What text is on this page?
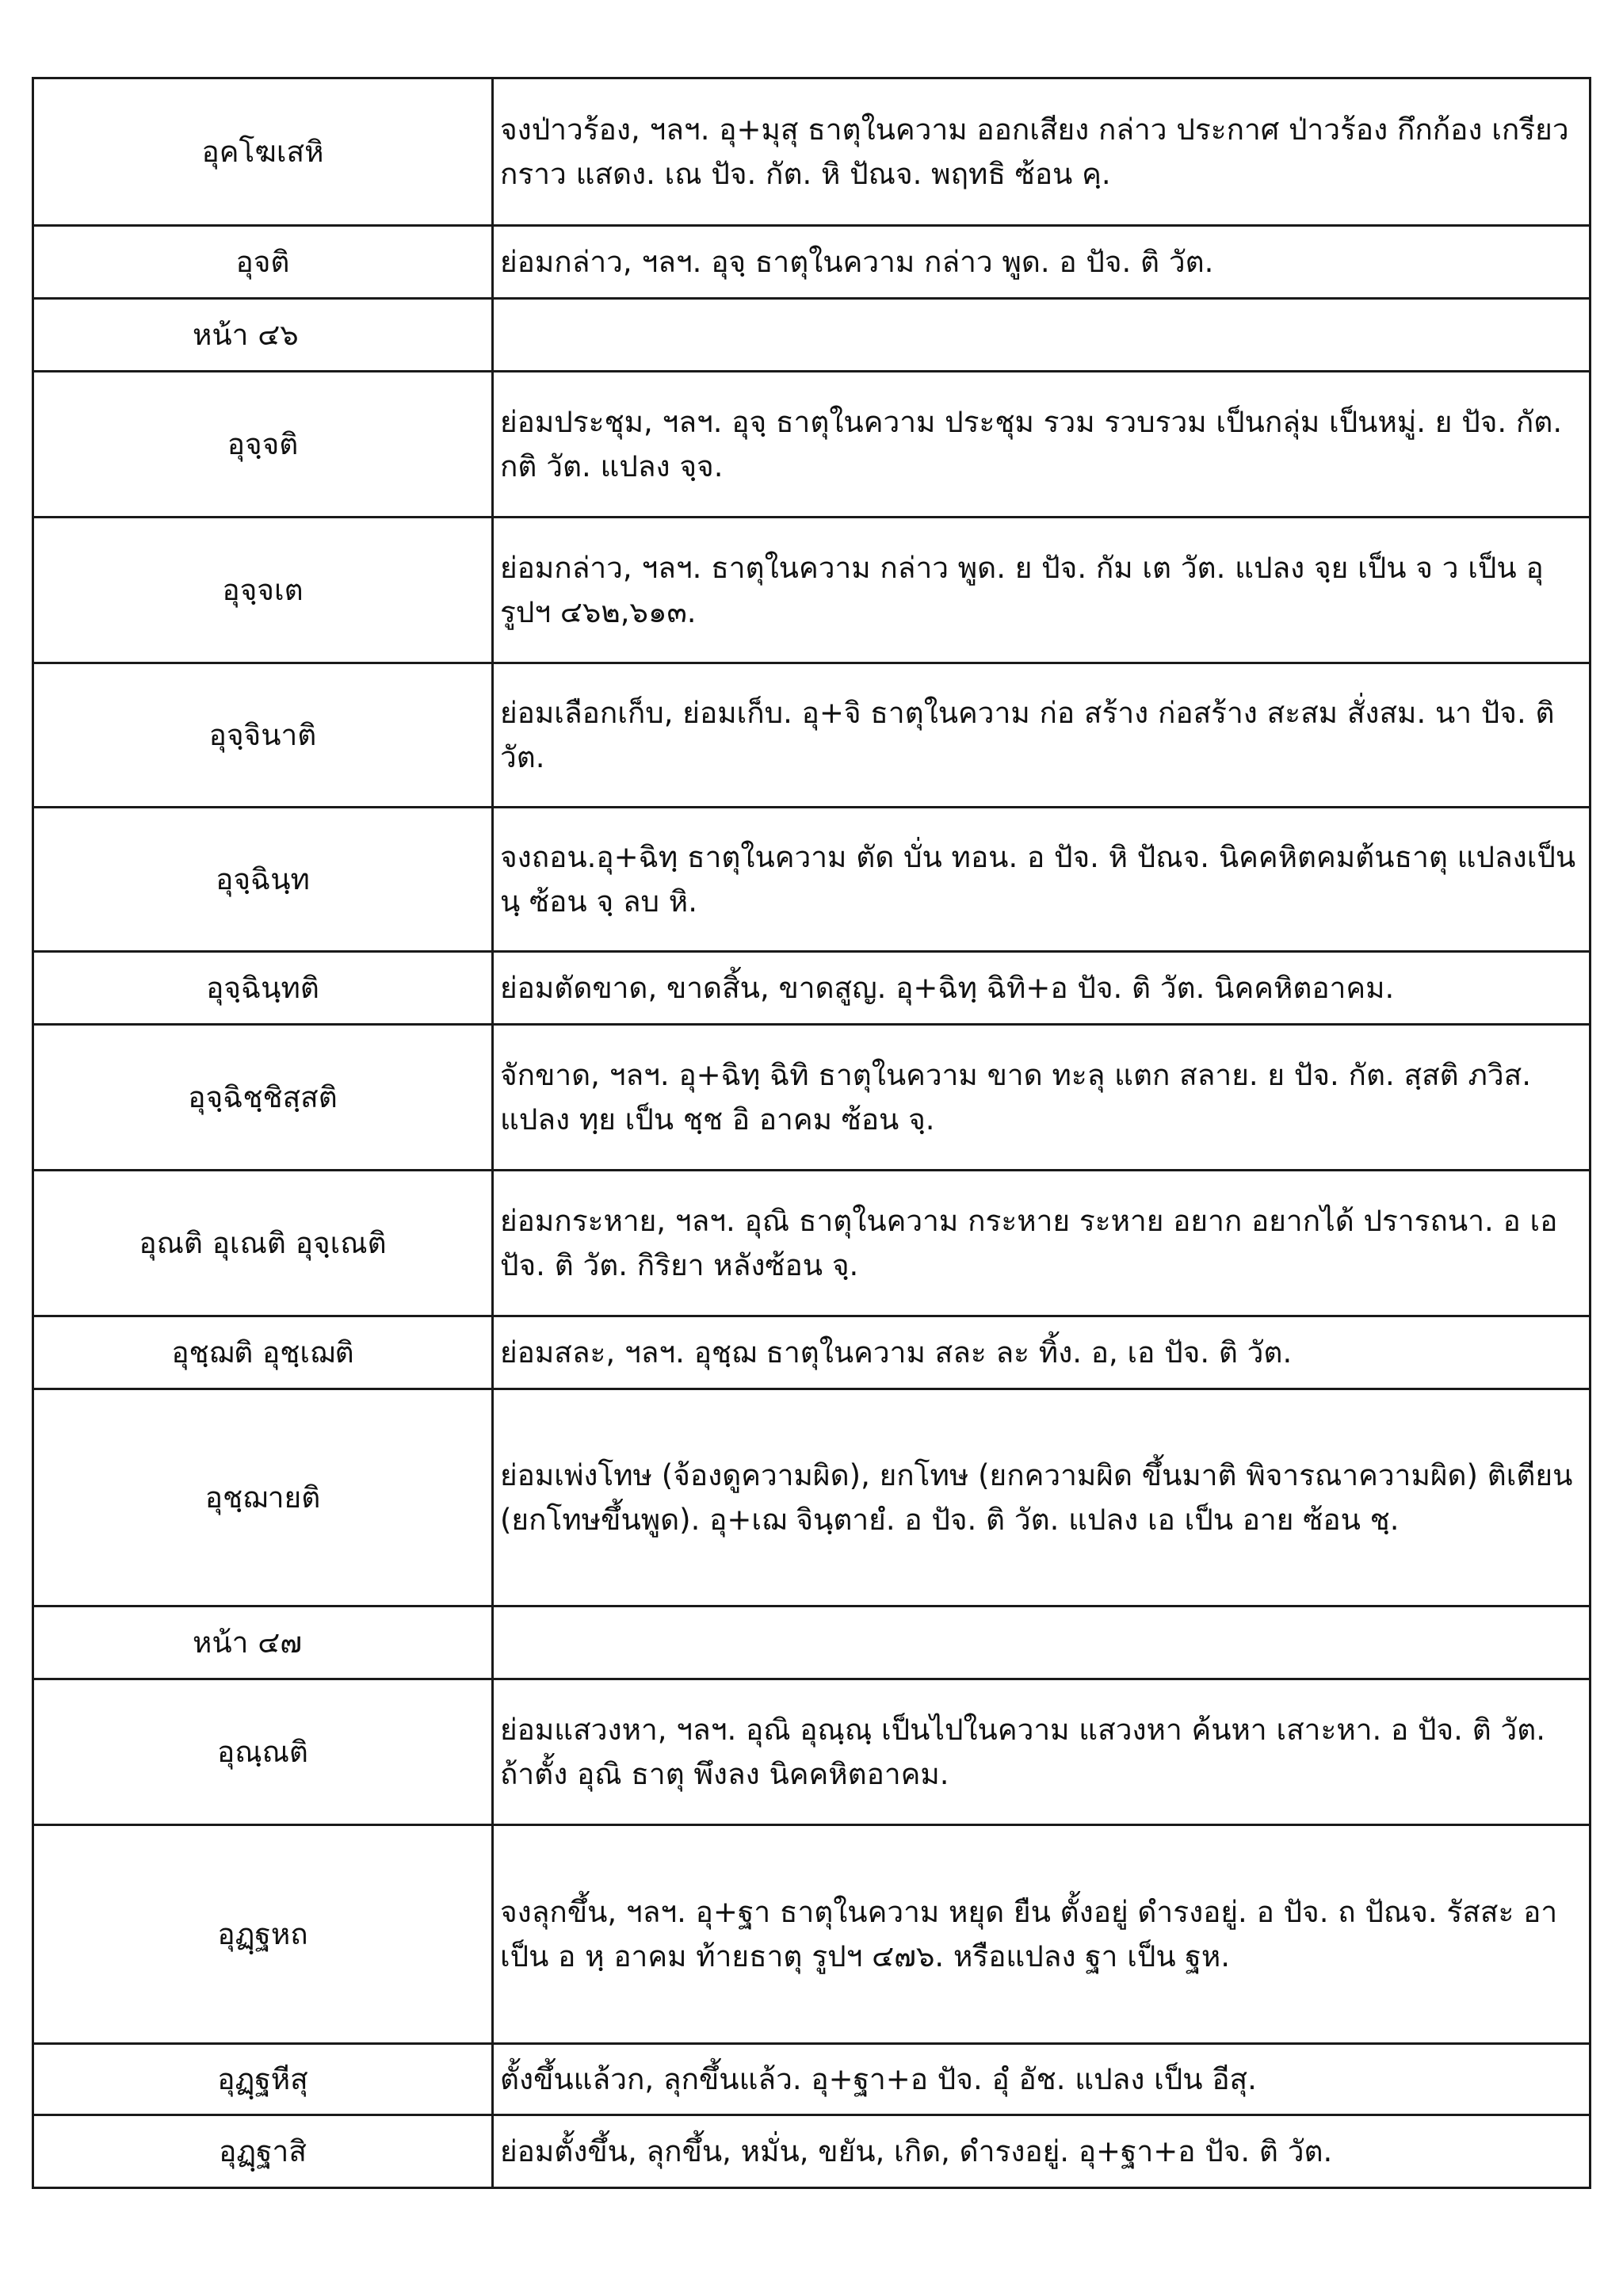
อุคโฆเสหิ	จงป่าวร้อง, ฯลฯ. อุ+มุสุ ธาตุในความ ออกเสียง กล่าว ประกาศ ป่าวร้อง กึกก้อง เกรียวกราว แสดง. เณ ปัจ. กัต. หิ ปัณจ. พฤทธิ ซ้อน คฺ.
อุจติ	ย่อมกล่าว, ฯลฯ. อุจฺ ธาตุในความ กล่าว พูด. อ ปัจ. ติ วัต.
หน้า ๔๖	
อุจฺจติ	ย่อมประชุม, ฯลฯ. อุจฺ ธาตุในความ ประชุม รวม รวบรวม เป็นกลุ่ม เป็นหมู่. ย ปัจ. กัต. กติ วัต. แปลง จฺจ.
อุจฺจเต	ย่อมกล่าว, ฯลฯ. ธาตุในความ กล่าว พูด. ย ปัจ. กัม เต วัต. แปลง จฺย เป็น จ ว เป็น อุ รูปฯ ๔๖๒,๖๑๓.
อุจฺจินาติ	ย่อมเลือกเก็บ, ย่อมเก็บ. อุ+จิ ธาตุในความ ก่อ สร้าง ก่อสร้าง สะสม สั่งสม. นา ปัจ. ติ วัต.
อุจฺฉินฺท	จงถอน.อุ+ฉิทฺ ธาตุในความ ตัด บั่น ทอน. อ ปัจ. หิ ปัณจ. นิคคหิตคมต้นธาตุ แปลงเป็น นฺ ซ้อน จฺ ลบ หิ.
อุจฺฉินฺทติ	ย่อมตัดขาด, ขาดสิ้น, ขาดสูญ. อุ+ฉิทฺ ฉิทิ+อ ปัจ. ติ วัต. นิคคหิตอาคม.
อุจฺฉิชฺชิสฺสติ	จักขาด, ฯลฯ. อุ+ฉิทฺ ฉิทิ ธาตุในความ ขาด ทะลุ แตก สลาย. ย ปัจ. กัต. สฺสติ ภวิส. แปลง ทฺย เป็น ชฺช อิ อาคม ซ้อน จฺ.
อุณติ อุเณติ อุจฺเณติ	ย่อมกระหาย, ฯลฯ. อุณิ ธาตุในความ กระหาย ระหาย อยาก อยากได้ ปรารถนา. อ เอ ปัจ. ติ วัต. กิริยา หลังซ้อน จฺ.
อุชฺฌติ อุชฺเฌติ	ย่อมสละ, ฯลฯ. อุชฺฌ ธาตุในความ สละ ละ ทิ้ง. อ, เอ ปัจ. ติ วัต.
อุชฺฌายติ	ย่อมเพ่งโทษ (จ้องดูความผิด), ยกโทษ (ยกความผิด ขึ้นมาติ พิจารณาความผิด) ติเตียน (ยกโทษขึ้นพูด). อุ+เฌ จินฺตายํ. อ ปัจ. ติ วัต. แปลง เอ เป็น อาย ซ้อน ชฺ.
หน้า ๔๗	
อุณฺณติ	ย่อมแสวงหา, ฯลฯ. อุณิ อุณฺณฺ เป็นไปในความ แสวงหา ค้นหา เสาะหา. อ ปัจ. ติ วัต. ถ้าตั้ง อุณิ ธาตุ พึงลง นิคคหิตอาคม.
อุฏฺฐหถ	จงลุกขึ้น, ฯลฯ. อุ+ฐา ธาตุในความ หยุด ยืน ตั้งอยู่ ดำรงอยู่. อ ปัจ. ถ ปัณจ. รัสสะ อา เป็น อ หฺ อาคม ท้ายธาตุ รูปฯ ๔๗๖. หรือแปลง ฐา เป็น ฐห.
อุฏฺฐหีสุ	ตั้งขึ้นแล้วก, ลุกขึ้นแล้ว. อุ+ฐา+อ ปัจ. อุํ อัช. แปลง เป็น อีสุ.
อุฏฺฐาสิ	ย่อมตั้งขึ้น, ลุกขึ้น, หมั่น, ขยัน, เกิด, ดำรงอยู่. อุ+ฐา+อ ปัจ. ติ วัต.
